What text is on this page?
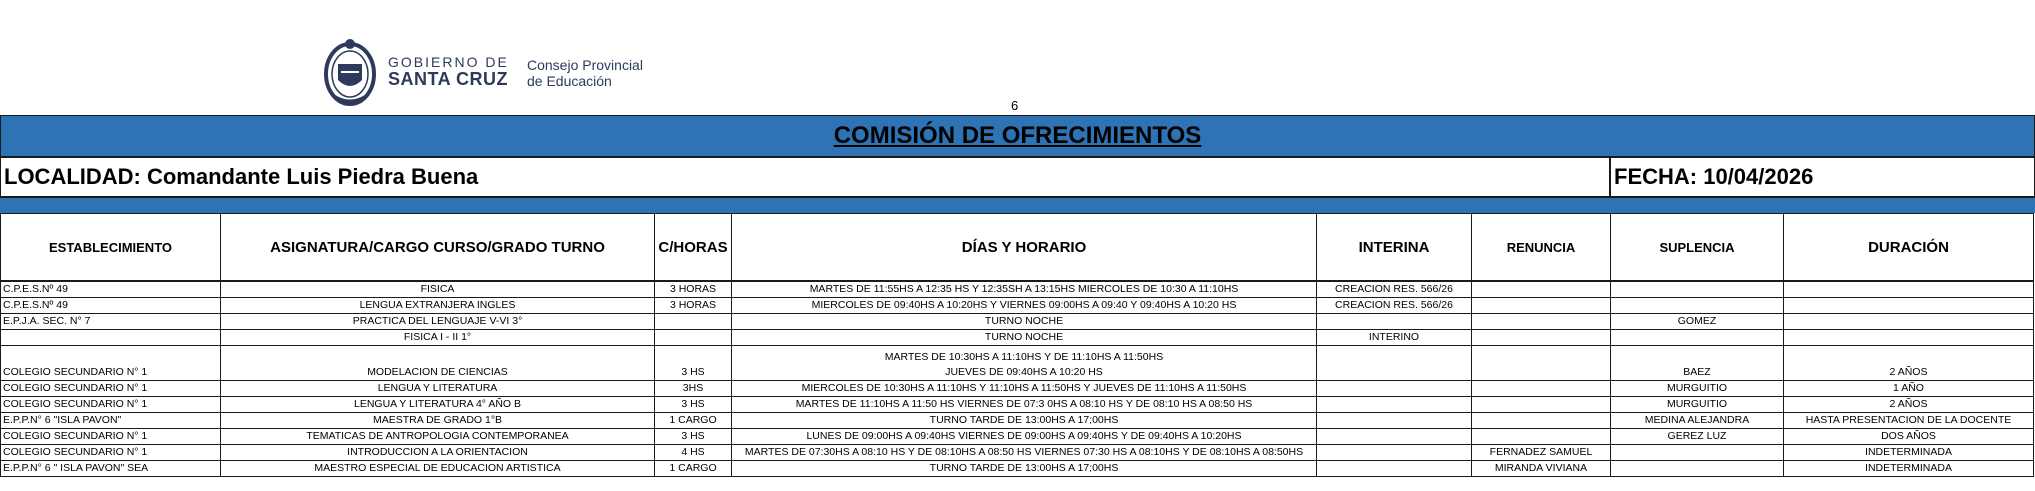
GOBIERNO DE
SANTA CRUZ
Consejo Provincial
de Educación
6
COMISIÓN DE OFRECIMIENTOS
LOCALIDAD: Comandante Luis Piedra Buena	FECHA: 10/04/2026
ESTABLECIMIENTO	ASIGNATURA/CARGO CURSO/GRADO TURNO	C/HORAS	DÍAS Y HORARIO	INTERINA	RENUNCIA	SUPLENCIA	DURACIÓN
C.P.E.S.Nº 49	FISICA	3 HORAS	MARTES DE 11:55HS A 12:35 HS Y 12:35SH A 13:15HS MIERCOLES DE 10:30 A 11:10HS	CREACION RES. 566/26			
C.P.E.S.Nº 49	LENGUA EXTRANJERA INGLES	3 HORAS	MIERCOLES DE 09:40HS A 10:20HS Y VIERNES 09:00HS A 09:40 Y 09:40HS A 10:20 HS	CREACION RES. 566/26			
E.P.J.A. SEC. N° 7	PRACTICA DEL LENGUAJE V-VI 3°		TURNO NOCHE			GOMEZ	
	FISICA I - II 1°		TURNO NOCHE	INTERINO			
COLEGIO SECUNDARIO N° 1	MODELACION DE CIENCIAS	3 HS	MARTES DE 10:30HS A 11:10HS Y DE 11:10HS A 11:50HS
JUEVES DE 09:40HS A 10:20 HS			BAEZ	2 AÑOS
COLEGIO SECUNDARIO N° 1	LENGUA Y LITERATURA	3HS	MIERCOLES DE 10:30HS A 11:10HS Y 11:10HS A 11:50HS Y JUEVES DE 11:10HS A 11:50HS			MURGUITIO	1 AÑO
COLEGIO SECUNDARIO N° 1	LENGUA Y LITERATURA 4° AÑO B	3 HS	MARTES DE 11:10HS A 11:50 HS VIERNES DE 07:3 0HS A 08:10 HS Y DE 08:10 HS A 08:50 HS			MURGUITIO	2 AÑOS
E.P.P.N° 6 "ISLA PAVON"	MAESTRA DE GRADO 1°B	1 CARGO	TURNO TARDE DE 13:00HS A 17;00HS			MEDINA ALEJANDRA	HASTA PRESENTACION DE LA DOCENTE
COLEGIO SECUNDARIO N° 1	TEMATICAS DE ANTROPOLOGIA CONTEMPORANEA	3 HS	LUNES DE 09:00HS A 09:40HS VIERNES DE 09:00HS A 09:40HS Y DE 09:40HS A 10:20HS			GEREZ LUZ	DOS AÑOS
COLEGIO SECUNDARIO N° 1	INTRODUCCION A LA ORIENTACION	4 HS	MARTES DE 07:30HS A 08:10 HS Y DE 08:10HS A 08:50 HS VIERNES 07:30 HS A 08:10HS Y DE 08:10HS A 08:50HS		FERNADEZ SAMUEL		INDETERMINADA
E.P.P.N° 6 " ISLA PAVON" SEA	MAESTRO ESPECIAL DE EDUCACION ARTISTICA	1 CARGO	TURNO TARDE DE 13:00HS A 17;00HS		MIRANDA VIVIANA		INDETERMINADA
